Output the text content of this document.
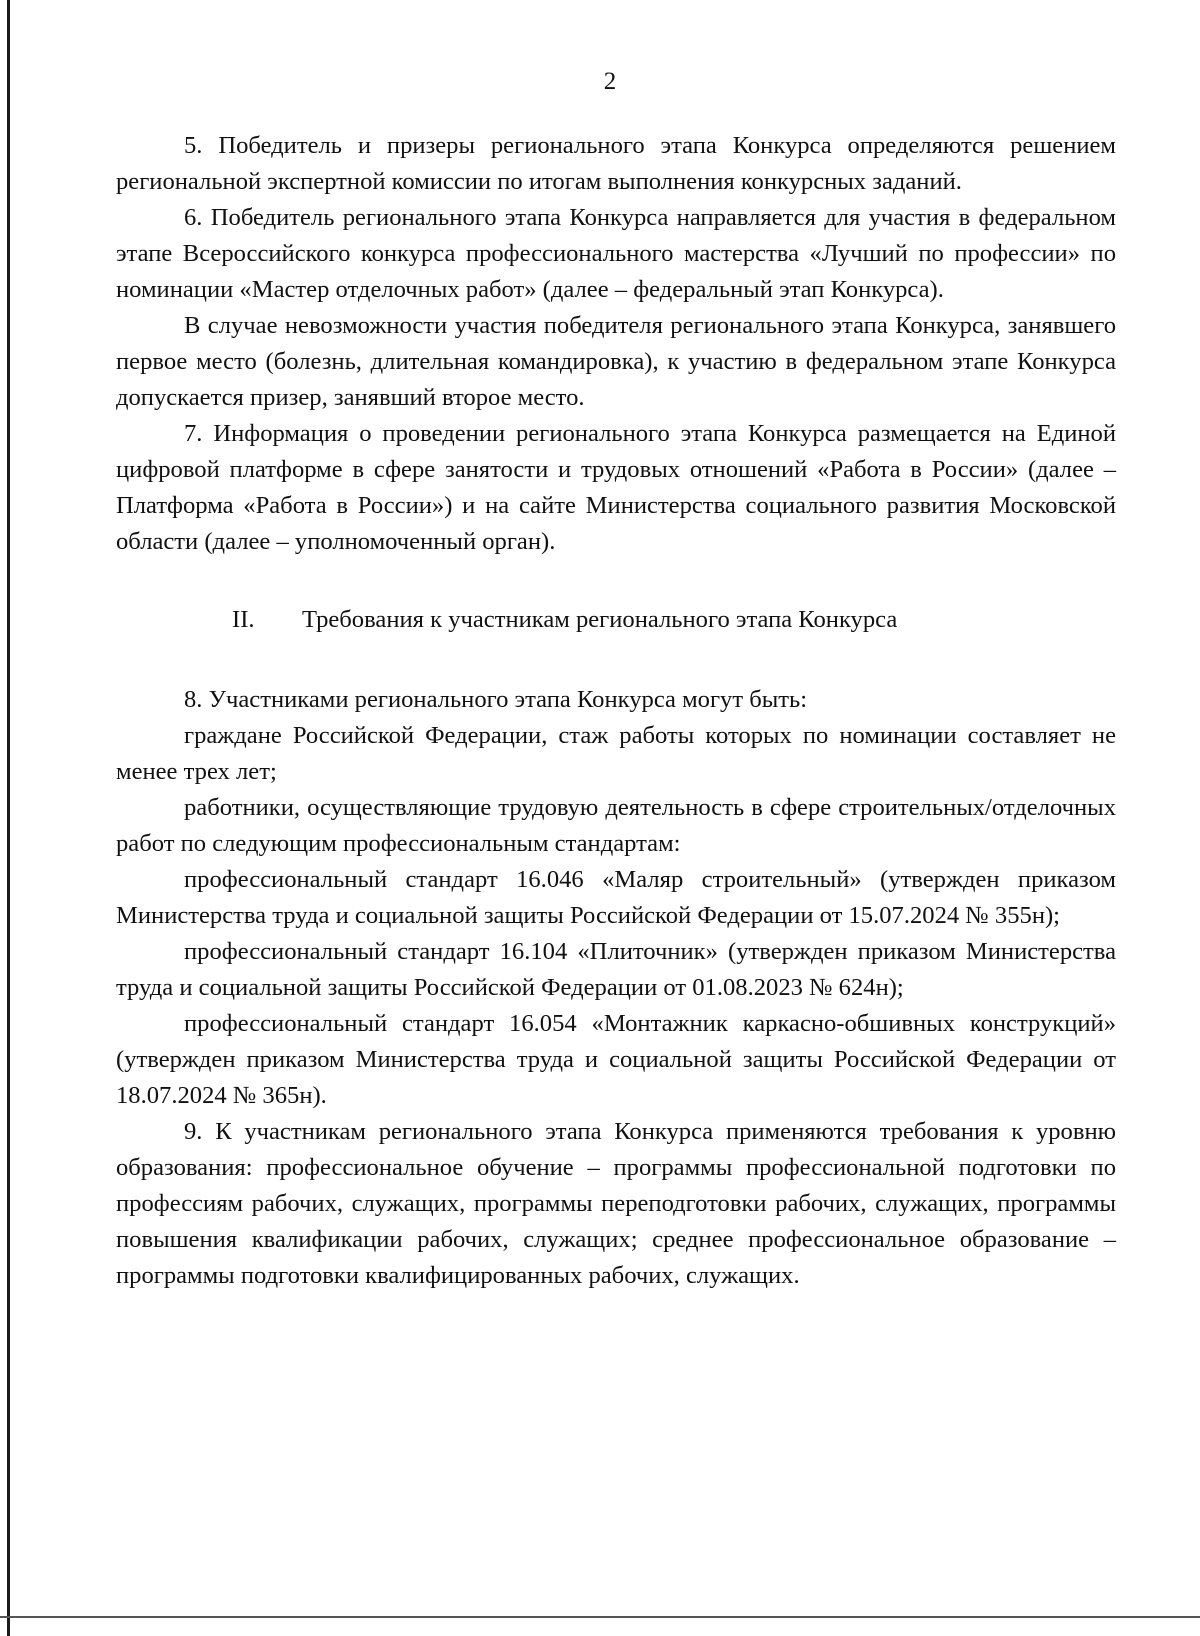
2

5. Победитель и призеры регионального этапа Конкурса определяются решением региональной экспертной комиссии по итогам выполнения конкурсных заданий.

6. Победитель регионального этапа Конкурса направляется для участия в федеральном этапе Всероссийского конкурса профессионального мастерства «Лучший по профессии» по номинации «Мастер отделочных работ» (далее – федеральный этап Конкурса).

В случае невозможности участия победителя регионального этапа Конкурса, занявшего первое место (болезнь, длительная командировка), к участию в федеральном этапе Конкурса допускается призер, занявший второе место.

7. Информация о проведении регионального этапа Конкурса размещается на Единой цифровой платформе в сфере занятости и трудовых отношений «Работа в России» (далее – Платформа «Работа в России») и на сайте Министерства социального развития Московской области (далее – уполномоченный орган).

II. Требования к участникам регионального этапа Конкурса

8. Участниками регионального этапа Конкурса могут быть:

граждане Российской Федерации, стаж работы которых по номинации составляет не менее трех лет;

работники, осуществляющие трудовую деятельность в сфере строительных/отделочных работ по следующим профессиональным стандартам:

профессиональный стандарт 16.046 «Маляр строительный» (утвержден приказом Министерства труда и социальной защиты Российской Федерации от 15.07.2024 № 355н);

профессиональный стандарт 16.104 «Плиточник» (утвержден приказом Министерства труда и социальной защиты Российской Федерации от 01.08.2023 № 624н);

профессиональный стандарт 16.054 «Монтажник каркасно-обшивных конструкций» (утвержден приказом Министерства труда и социальной защиты Российской Федерации от 18.07.2024 № 365н).

9. К участникам регионального этапа Конкурса применяются требования к уровню образования: профессиональное обучение – программы профессиональной подготовки по профессиям рабочих, служащих, программы переподготовки рабочих, служащих, программы повышения квалификации рабочих, служащих; среднее профессиональное образование – программы подготовки квалифицированных рабочих, служащих.
